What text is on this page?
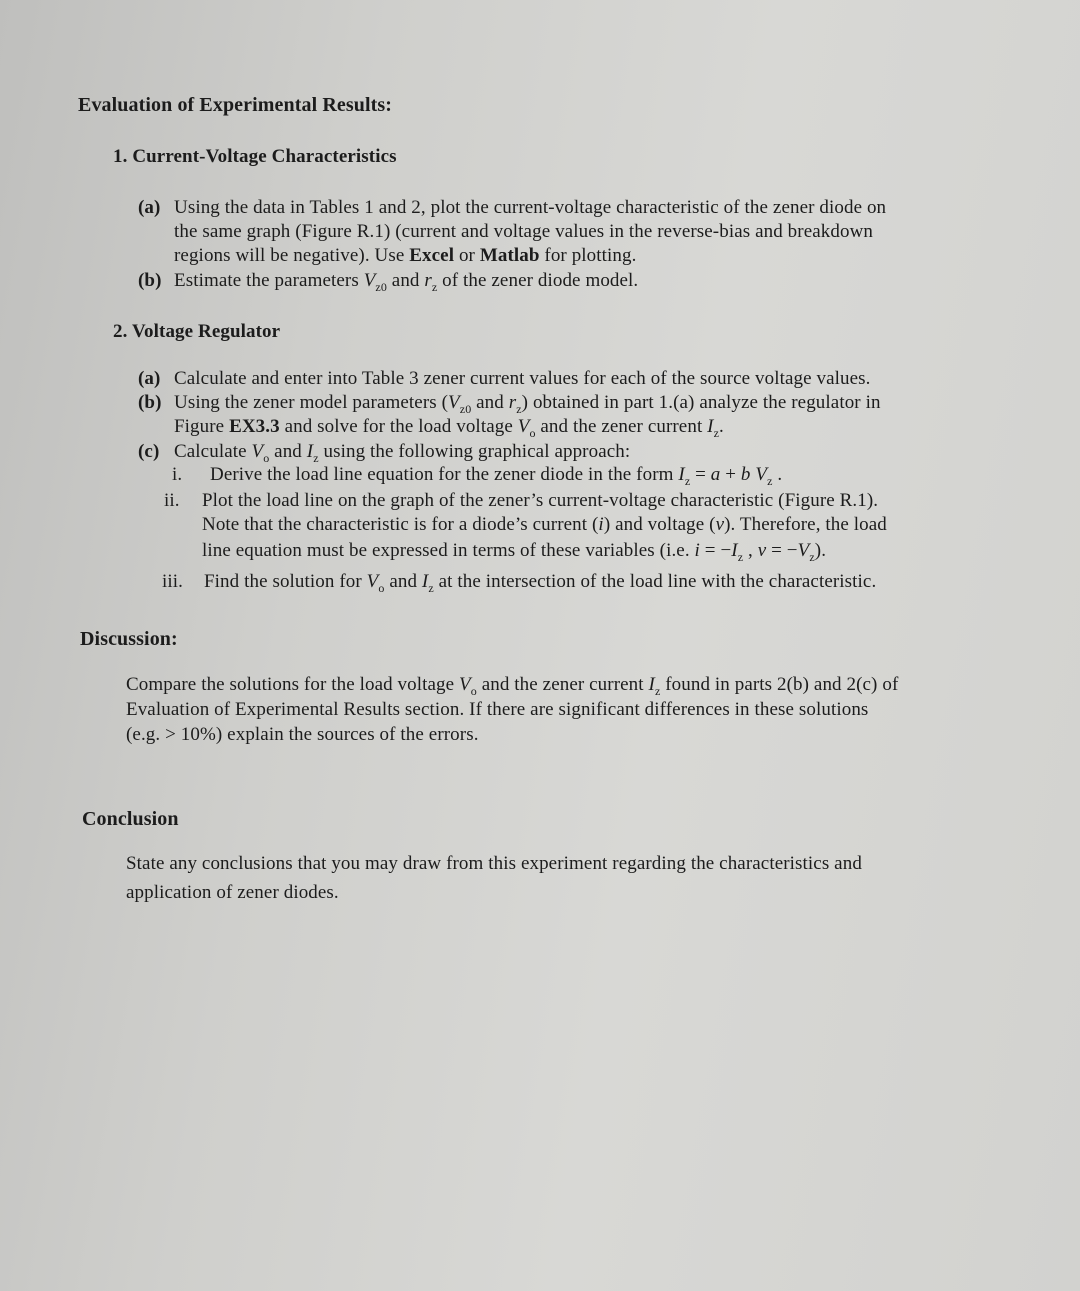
Evaluation of Experimental Results:
1. Current-Voltage Characteristics
(a) Using the data in Tables 1 and 2, plot the current-voltage characteristic of the zener diode on
the same graph (Figure R.1) (current and voltage values in the reverse-bias and breakdown
regions will be negative). Use Excel or Matlab for plotting.
(b) Estimate the parameters $V_{z0}$ and $r_z$ of the zener diode model.
2. Voltage Regulator
(a) Calculate and enter into Table 3 zener current values for each of the source voltage values.
(b) Using the zener model parameters ($V_{z0}$ and $r_z$) obtained in part 1.(a) analyze the regulator in
Figure EX3.3 and solve for the load voltage $V_o$ and the zener current $I_z$.
(c) Calculate $V_o$ and $I_z$ using the following graphical approach:
i. Derive the load line equation for the zener diode in the form $I_z = a + b$ $V_z$ .
ii. Plot the load line on the graph of the zener’s current-voltage characteristic (Figure R.1).
Note that the characteristic is for a diode’s current (i) and voltage (v). Therefore, the load
line equation must be expressed in terms of these variables (i.e. $i = -I_z$ , $v = -V_z$).
iii. Find the solution for $V_o$ and $I_z$ at the intersection of the load line with the characteristic.
Discussion:
Compare the solutions for the load voltage $V_o$ and the zener current $I_z$ found in parts 2(b) and 2(c) of
Evaluation of Experimental Results section. If there are significant differences in these solutions
(e.g. > 10%) explain the sources of the errors.
Conclusion
State any conclusions that you may draw from this experiment regarding the characteristics and
application of zener diodes.
